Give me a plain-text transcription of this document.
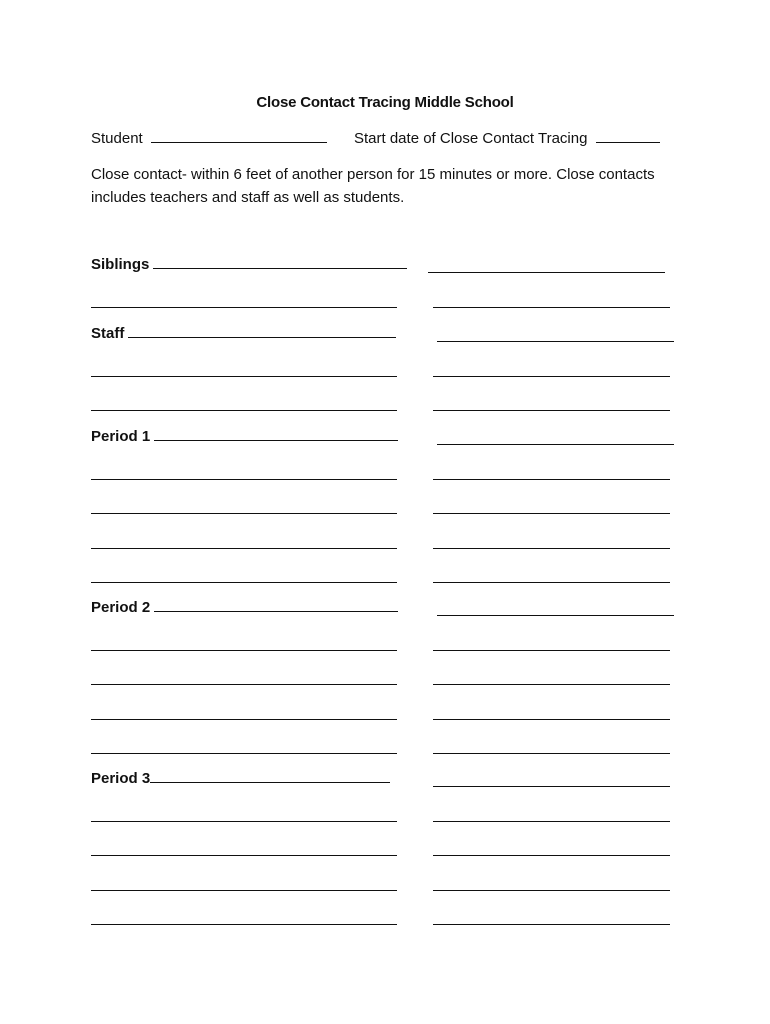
Close Contact Tracing Middle School
Student	Start date of Close Contact Tracing
Close contact- within 6 feet of another person for 15 minutes or more. Close contacts includes teachers and staff as well as students.
Siblings
Staff
Period 1
Period 2
Period 3
